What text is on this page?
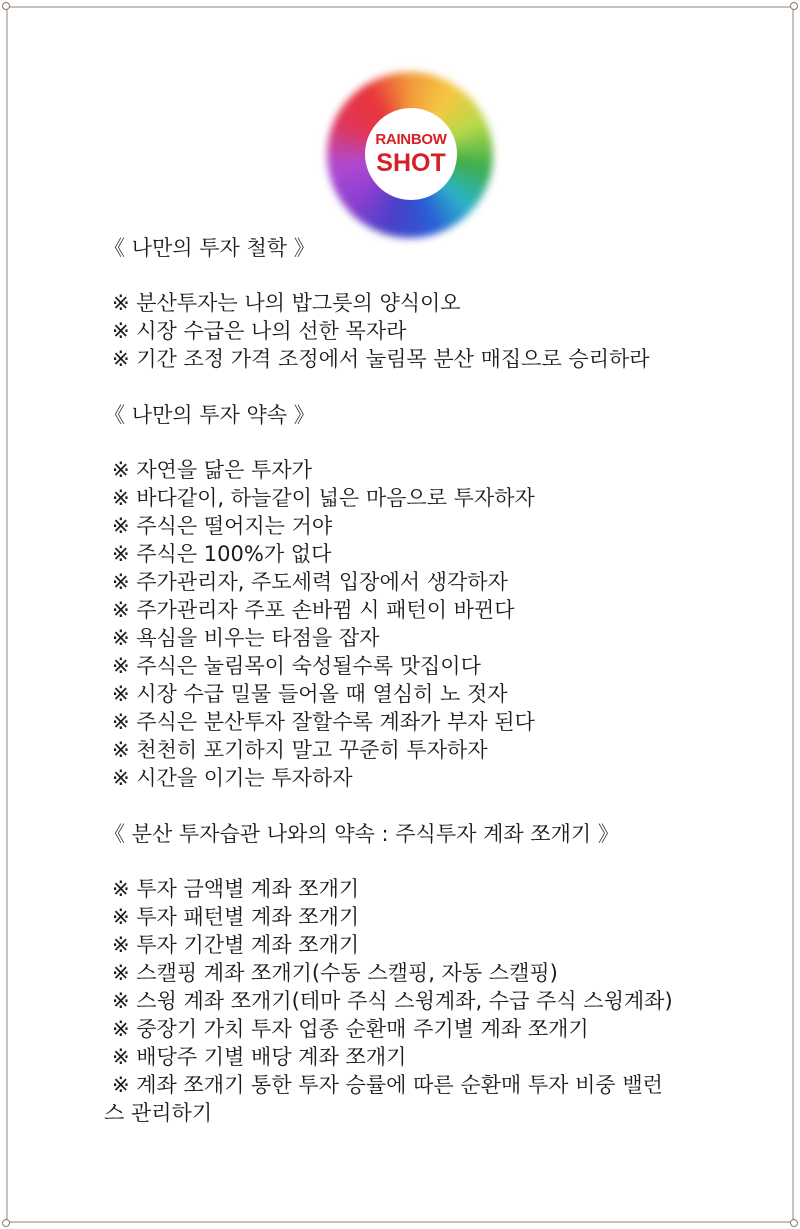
RAINBOW
SHOT
《 나만의 투자 철학 》
※ 분산투자는 나의 밥그릇의 양식이오
※ 시장 수급은 나의 선한 목자라
※ 기간 조정 가격 조정에서 눌림목 분산 매집으로 승리하라
《 나만의 투자 약속 》
※ 자연을 닮은 투자가
※ 바다같이, 하늘같이 넓은 마음으로 투자하자
※ 주식은 떨어지는 거야
※ 주식은 100%가 없다
※ 주가관리자, 주도세력 입장에서 생각하자
※ 주가관리자 주포 손바뀜 시 패턴이 바뀐다
※ 욕심을 비우는 타점을 잡자
※ 주식은 눌림목이 숙성될수록 맛집이다
※ 시장 수급 밀물 들어올 때 열심히 노 젓자
※ 주식은 분산투자 잘할수록 계좌가 부자 된다
※ 천천히 포기하지 말고 꾸준히 투자하자
※ 시간을 이기는 투자하자
《 분산 투자습관 나와의 약속 : 주식투자 계좌 쪼개기 》
※ 투자 금액별 계좌 쪼개기
※ 투자 패턴별 계좌 쪼개기
※ 투자 기간별 계좌 쪼개기
※ 스캘핑 계좌 쪼개기(수동 스캘핑, 자동 스캘핑)
※ 스윙 계좌 쪼개기(테마 주식 스윙계좌, 수급 주식 스윙계좌)
※ 중장기 가치 투자 업종 순환매 주기별 계좌 쪼개기
※ 배당주 기별 배당 계좌 쪼개기
※ 계좌 쪼개기 통한 투자 승률에 따른 순환매 투자 비중 밸런
스 관리하기
